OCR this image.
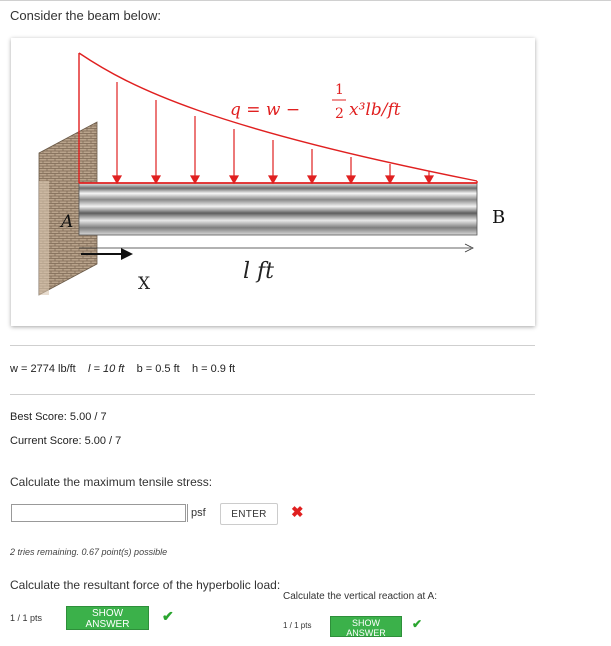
Consider the beam below:
q = w −
1
2 x³lb/ft
l ft
X
A	B
w = 2774 lb/ft l = 10 ft b = 0.5 ft h = 0.9 ft
Best Score: 5.00 / 7
Current Score: 5.00 / 7
Calculate the maximum tensile stress:
psf	ENTER	✖
2 tries remaining. 0.67 point(s) possible
Calculate the resultant force of the hyperbolic load:
1 / 1 pts	SHOW ANSWER
✔
Calculate the vertical reaction at A:
1 / 1 pts	SHOW ANSWER
✔
